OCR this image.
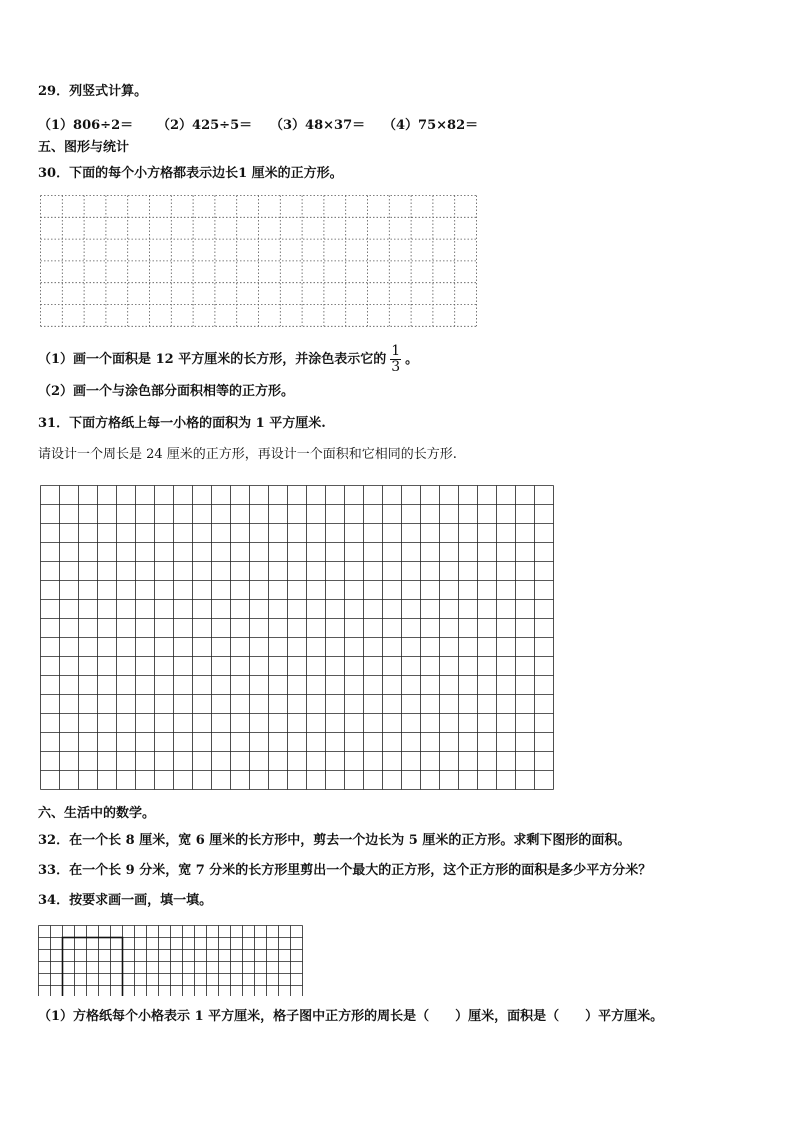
29．列竖式计算。
（1）806÷2＝ （2）425÷5＝ （3）48×37＝ （4）75×82＝
五、图形与统计
30．下面的每个小方格都表示边长1 厘米的正方形。
（1）画一个面积是 12 平方厘米的长方形，并涂色表示它的 $\frac{1}{3}$ 。
（2）画一个与涂色部分面积相等的正方形。
31．下面方格纸上每一小格的面积为 1 平方厘米.
请设计一个周长是 24 厘米的正方形，再设计一个面积和它相同的长方形.
六、生活中的数学。
32．在一个长 8 厘米，宽 6 厘米的长方形中，剪去一个边长为 5 厘米的正方形。求剩下图形的面积。
33．在一个长 9 分米，宽 7 分米的长方形里剪出一个最大的正方形，这个正方形的面积是多少平方分米？
34．按要求画一画，填一填。
（1）方格纸每个小格表示 1 平方厘米，格子图中正方形的周长是（　　）厘米，面积是（　　）平方厘米。
